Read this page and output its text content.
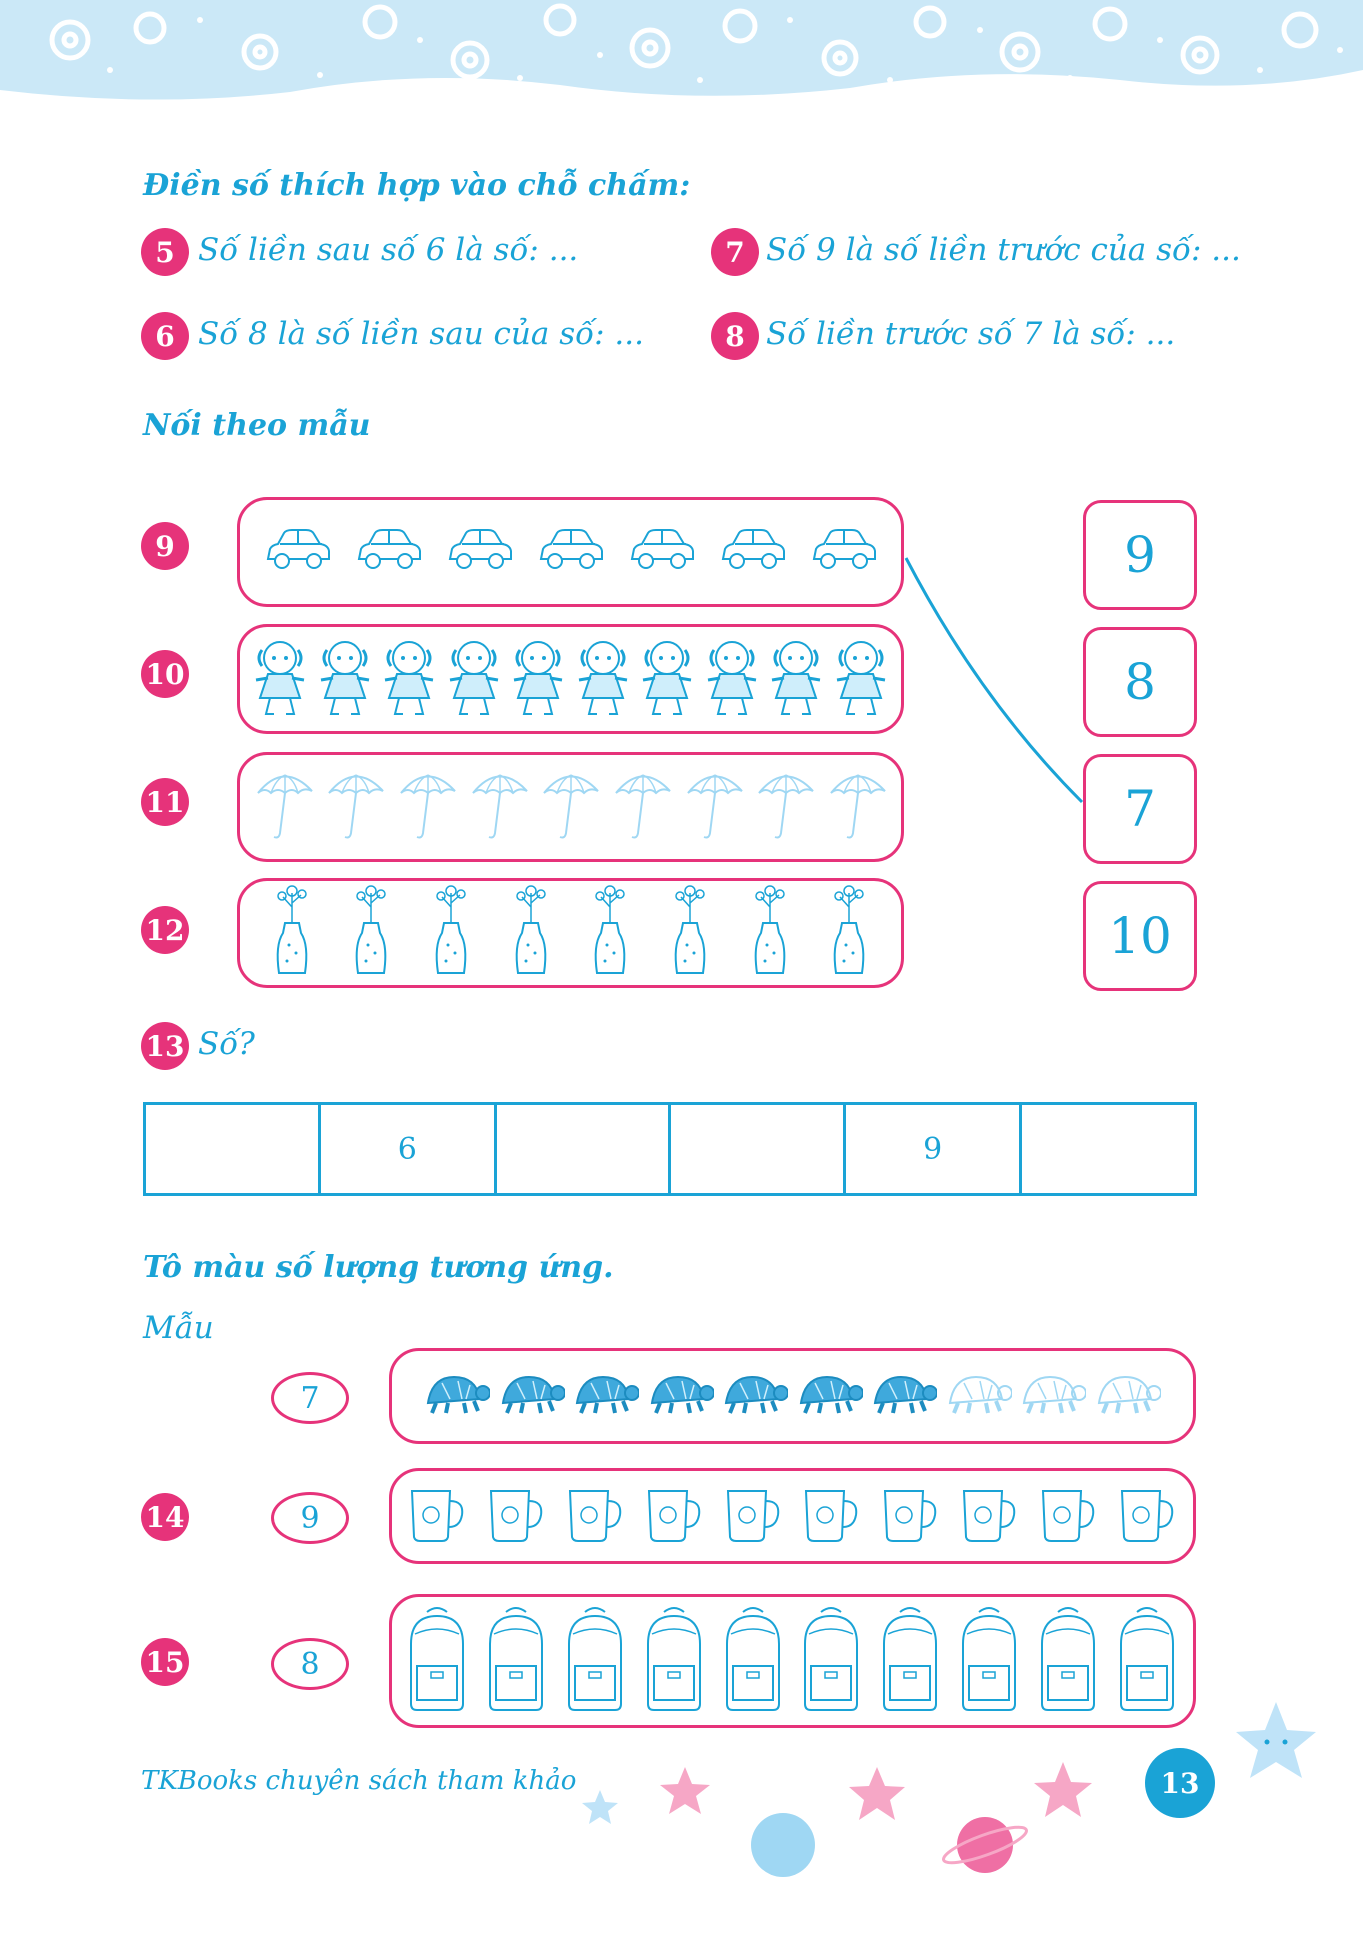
Điền số thích hợp vào chỗ chấm:
5 Số liền sau số 6 là số: ...
6 Số 8 là số liền sau của số: ...
7 Số 9 là số liền trước của số: ...
8 Số liền trước số 7 là số: ...
Nối theo mẫu
9
10
11
12
9
8
7
10
13 Số?
	6			9	
Tô màu số lượng tương ứng.
Mẫu
7
14	9
15	8
TKBooks chuyên sách tham khảo	13
